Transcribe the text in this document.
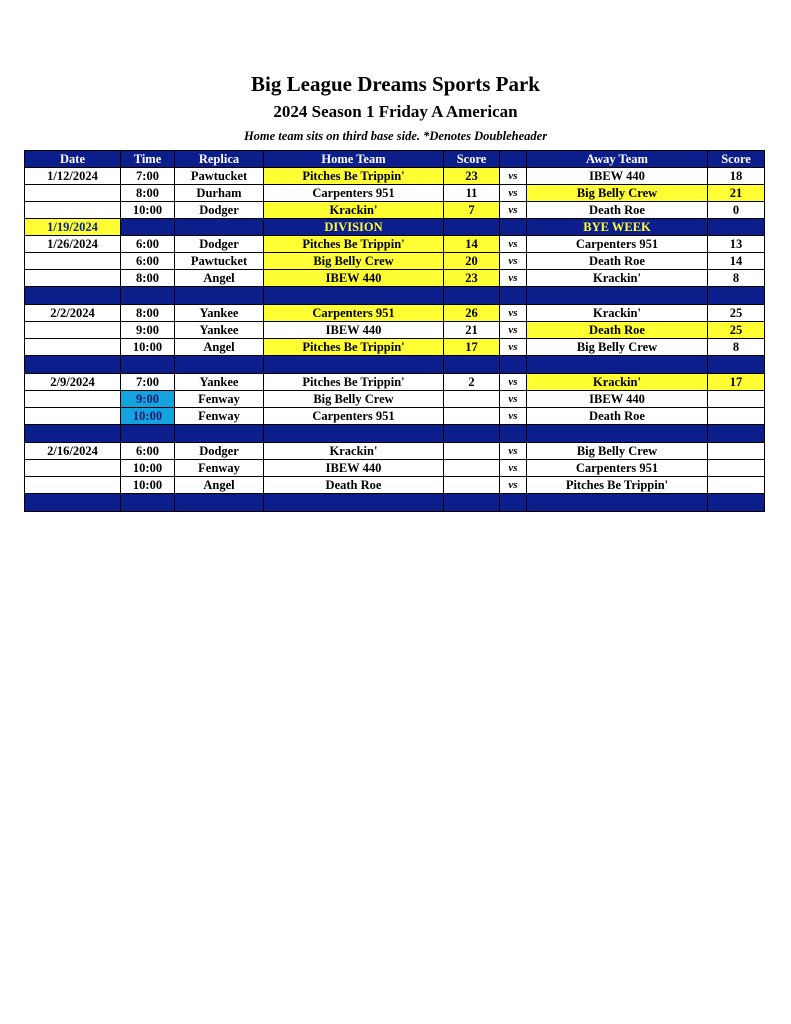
Big League Dreams Sports Park
2024 Season 1 Friday A American
Home team sits on third base side. *Denotes Doubleheader
Date	Time	Replica	Home Team	Score		Away Team	Score
1/12/2024	7:00	Pawtucket	Pitches Be Trippin'	23	vs	IBEW 440	18
	8:00	Durham	Carpenters 951	11	vs	Big Belly Crew	21
	10:00	Dodger	Krackin'	7	vs	Death Roe	0
1/19/2024			DIVISION			BYE WEEK	
1/26/2024	6:00	Dodger	Pitches Be Trippin'	14	vs	Carpenters 951	13
	6:00	Pawtucket	Big Belly Crew	20	vs	Death Roe	14
	8:00	Angel	IBEW 440	23	vs	Krackin'	8

2/2/2024	8:00	Yankee	Carpenters 951	26	vs	Krackin'	25
	9:00	Yankee	IBEW 440	21	vs	Death Roe	25
	10:00	Angel	Pitches Be Trippin'	17	vs	Big Belly Crew	8

2/9/2024	7:00	Yankee	Pitches Be Trippin'	2	vs	Krackin'	17
	9:00	Fenway	Big Belly Crew		vs	IBEW 440	
	10:00	Fenway	Carpenters 951		vs	Death Roe	

2/16/2024	6:00	Dodger	Krackin'		vs	Big Belly Crew	
	10:00	Fenway	IBEW 440		vs	Carpenters 951	
	10:00	Angel	Death Roe		vs	Pitches Be Trippin'	
